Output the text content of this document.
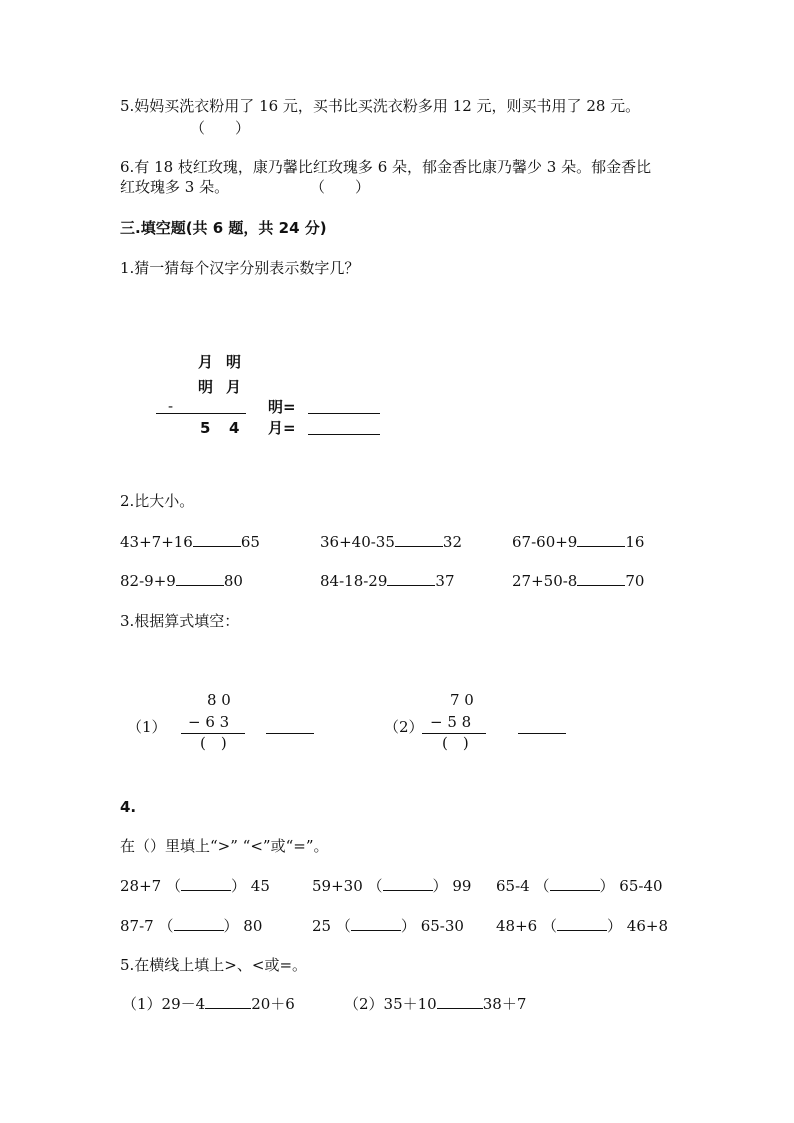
5.妈妈买洗衣粉用了 16 元，买书比买洗衣粉多用 12 元，则买书用了 28 元。
（　　）
6.有 18 枝红玫瑰，康乃馨比红玫瑰多 6 朵，郁金香比康乃馨少 3 朵。郁金香比
红玫瑰多 3 朵。	（　　）
三.填空题(共 6 题，共 24 分)
1.猜一猜每个汉字分别表示数字几？
月 明
明 月
-
5 4
明=
月=
2.比大小。
43+7+16	65	36+40-35	32	67-60+9	16
82-9+9	80	84-18-29	37	27+50-8	70
3.根据算式填空：
（1）
8 0
− 6 3
(　)
（2）
7 0
− 5 8
(　)
4.
在（）里填上“>” “<”或“=”。
28+7 （	） 45	59+30 （	） 99 65-4 （	） 65-40
87-7 （	） 80	25 （	） 65-30 48+6 （	） 46+8
5.在横线上填上>、<或=。
（1）29－4	20＋6	（2）35＋10	38＋7
